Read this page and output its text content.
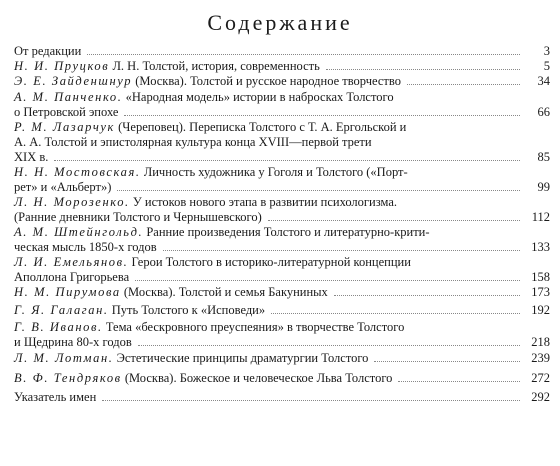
Содержание
От редакции	3
Н. И. Пруцков
Л. Н. Толстой, история, современность	5
Э. Е. Зайденшнур
(Москва). Толстой и русское народное творчество	34
А. М. Панченко.
«Народная модель» истории в набросках Толстого
о Петровской эпохе	66
Р. М. Лазарчук
(Череповец). Переписка Толстого с Т. А. Ергольской и
А. А. Толстой и эпистолярная культура конца XVIII—первой трети
XIX в.	85
Н. Н. Мостовская.
Личность художника у Гоголя и Толстого («Порт-
рет» и «Альберт»)	99
Л. Н. Морозенко.
У истоков нового этапа в развитии психологизма.
(Ранние дневники Толстого и Чернышевского)	112
А. М. Штейнгольд.
Ранние произведения Толстого и литературно-крити-
ческая мысль 1850-х годов	133
Л. И. Емельянов.
Герои Толстого в историко-литературной концепции
Аполлона Григорьева	158
Н. М. Пирумова
(Москва). Толстой и семья Бакуниных	173
Г. Я. Галаган.
Путь Толстого к «Исповеди»	192
Г. В. Иванов.
Тема «бескровного преуспеяния» в творчестве Толстого
и Щедрина 80-х годов	218
Л. М. Лотман.
Эстетические принципы драматургии Толстого	239
В. Ф. Тендряков
(Москва). Божеское и человеческое Льва Толстого	272
Указатель имен	292
